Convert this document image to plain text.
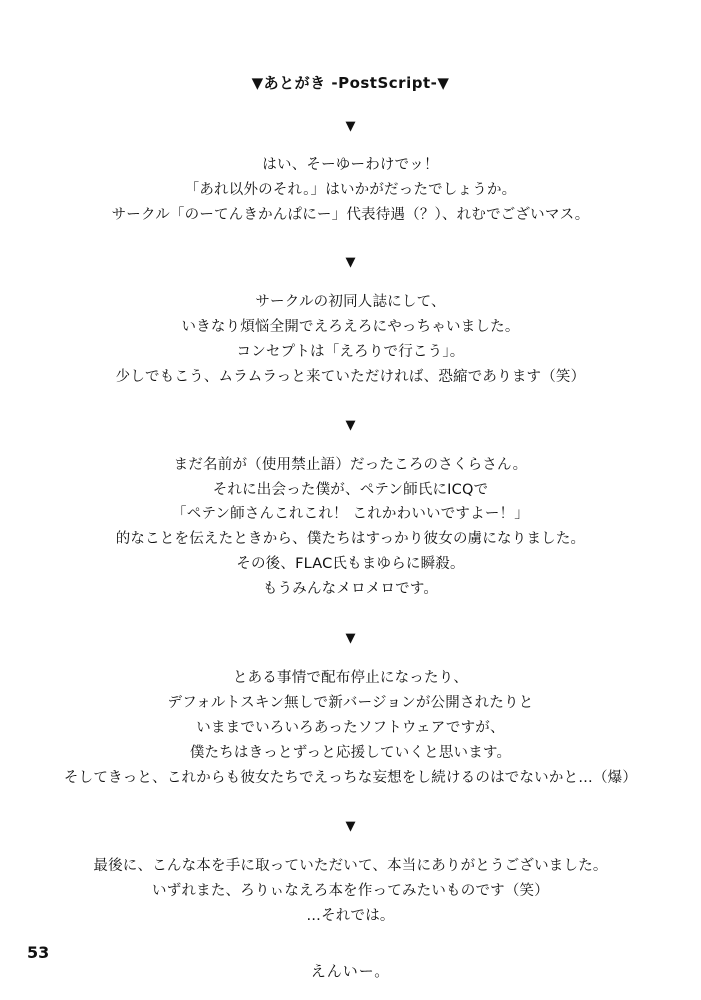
▼あとがき -PostScript-▼
▼
はい、そーゆーわけでッ！
「あれ以外のそれ。」はいかがだったでしょうか。
サークル「のーてんきかんぱにー」代表待遇（？）、れむでございマス。
▼
サークルの初同人誌にして、
いきなり煩悩全開でえろえろにやっちゃいました。
コンセプトは「えろりで行こう」。
少しでもこう、ムラムラっと来ていただければ、恐縮であります（笑）
▼
まだ名前が（使用禁止語）だったころのさくらさん。
それに出会った僕が、ペテン師氏にICQで
「ペテン師さんこれこれ！ これかわいいですよー！」
的なことを伝えたときから、僕たちはすっかり彼女の虜になりました。
その後、FLAC氏もまゆらに瞬殺。
もうみんなメロメロです。
▼
とある事情で配布停止になったり、
デフォルトスキン無しで新バージョンが公開されたりと
いままでいろいろあったソフトウェアですが、
僕たちはきっとずっと応援していくと思います。
そしてきっと、これからも彼女たちでえっちな妄想をし続けるのはでないかと…（爆）
▼
最後に、こんな本を手に取っていただいて、本当にありがとうございました。
いずれまた、ろりぃなえろ本を作ってみたいものです（笑）
…それでは。
えんいー。
53
